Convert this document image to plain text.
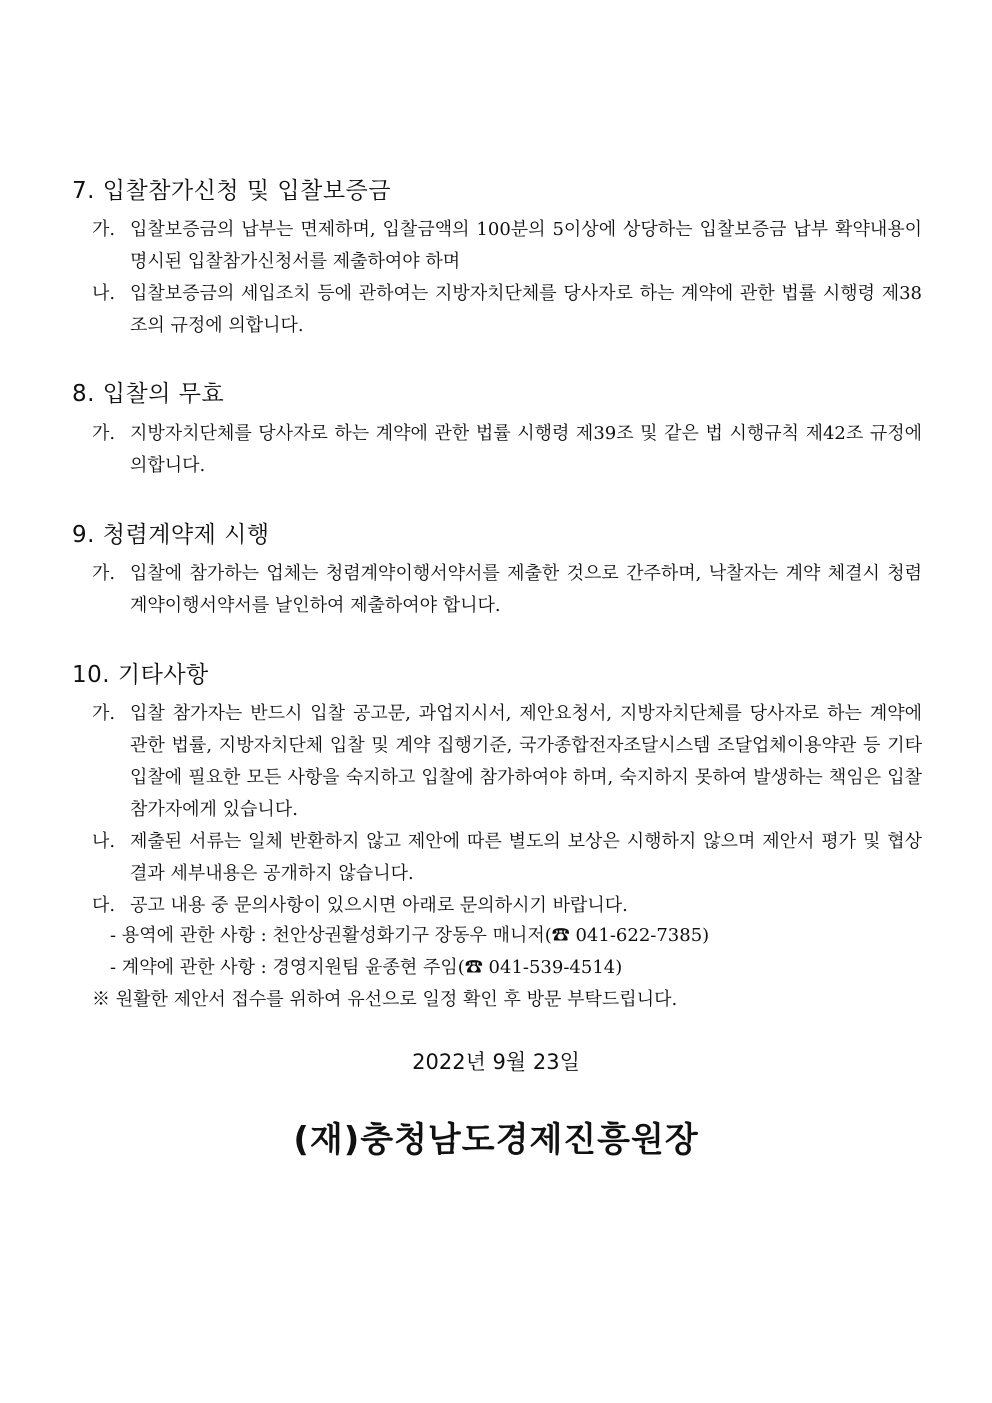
7. 입찰참가신청 및 입찰보증금
가. 입찰보증금의 납부는 면제하며, 입찰금액의 100분의 5이상에 상당하는 입찰보증금 납부 확약내용이 명시된 입찰참가신청서를 제출하여야 하며
나. 입찰보증금의 세입조치 등에 관하여는 지방자치단체를 당사자로 하는 계약에 관한 법률 시행령 제38조의 규정에 의합니다.
8. 입찰의 무효
가. 지방자치단체를 당사자로 하는 계약에 관한 법률 시행령 제39조 및 같은 법 시행규칙 제42조 규정에 의합니다.
9. 청렴계약제 시행
가. 입찰에 참가하는 업체는 청렴계약이행서약서를 제출한 것으로 간주하며, 낙찰자는 계약 체결시 청렴계약이행서약서를 날인하여 제출하여야 합니다.
10. 기타사항
가. 입찰 참가자는 반드시 입찰 공고문, 과업지시서, 제안요청서, 지방자치단체를 당사자로 하는 계약에 관한 법률, 지방자치단체 입찰 및 계약 집행기준, 국가종합전자조달시스템 조달업체이용약관 등 기타 입찰에 필요한 모든 사항을 숙지하고 입찰에 참가하여야 하며, 숙지하지 못하여 발생하는 책임은 입찰참가자에게 있습니다.
나. 제출된 서류는 일체 반환하지 않고 제안에 따른 별도의 보상은 시행하지 않으며 제안서 평가 및 협상결과 세부내용은 공개하지 않습니다.
다. 공고 내용 중 문의사항이 있으시면 아래로 문의하시기 바랍니다.
- 용역에 관한 사항 : 천안상권활성화기구 장동우 매니저(☎ 041-622-7385)
- 계약에 관한 사항 : 경영지원팀 윤종현 주임(☎ 041-539-4514)
※ 원활한 제안서 접수를 위하여 유선으로 일정 확인 후 방문 부탁드립니다.
2022년 9월 23일
(재)충청남도경제진흥원장
